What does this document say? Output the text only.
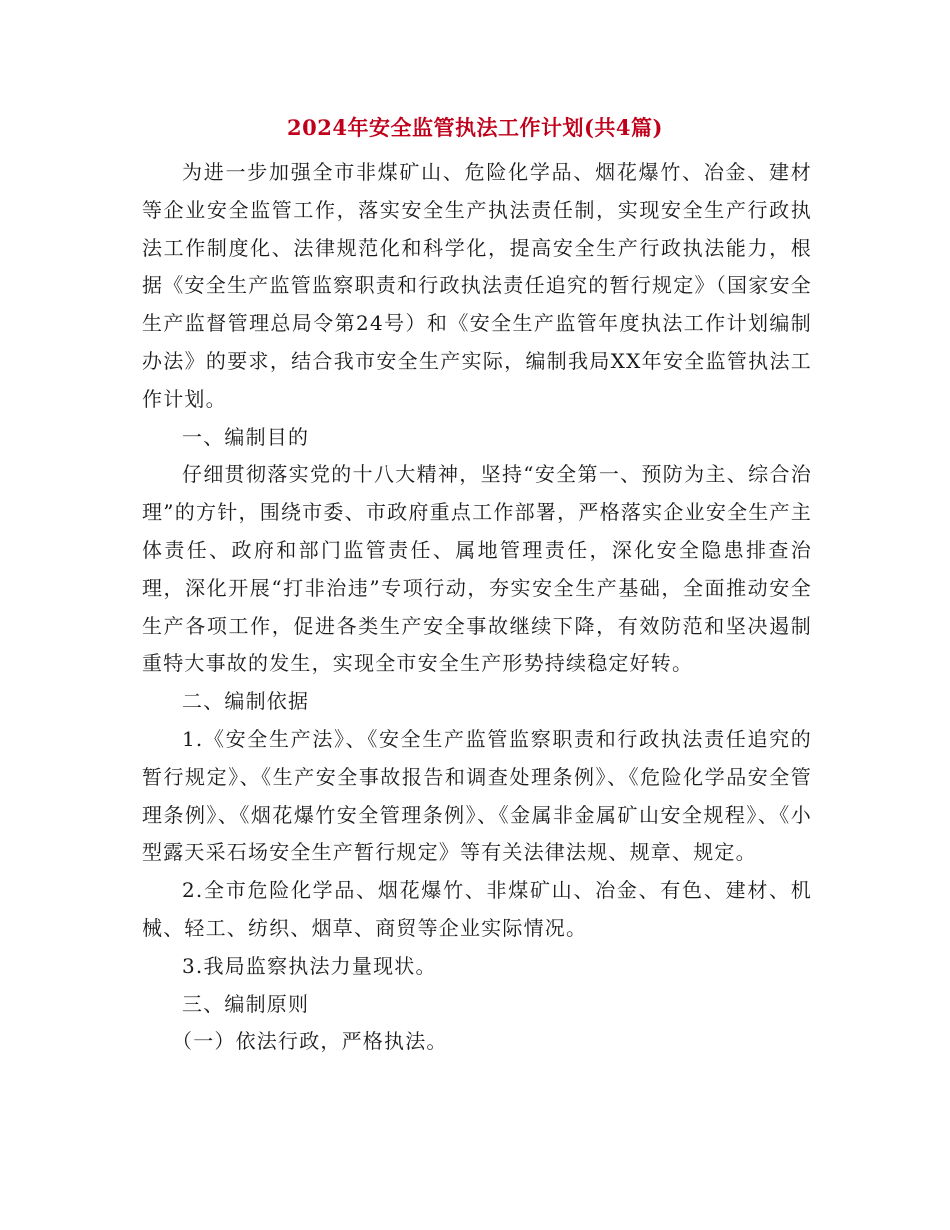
2024年安全监管执法工作计划(共4篇)

为进一步加强全市非煤矿山、危险化学品、烟花爆竹、冶金、建材等企业安全监管工作，落实安全生产执法责任制，实现安全生产行政执法工作制度化、法律规范化和科学化，提高安全生产行政执法能力，根据《安全生产监管监察职责和行政执法责任追究的暂行规定》（国家安全生产监督管理总局令第24号）和《安全生产监管年度执法工作计划编制办法》的要求，结合我市安全生产实际，编制我局XX年安全监管执法工作计划。

一、编制目的

仔细贯彻落实党的十八大精神，坚持“安全第一、预防为主、综合治理”的方针，围绕市委、市政府重点工作部署，严格落实企业安全生产主体责任、政府和部门监管责任、属地管理责任，深化安全隐患排查治理，深化开展“打非治违”专项行动，夯实安全生产基础，全面推动安全生产各项工作，促进各类生产安全事故继续下降，有效防范和坚决遏制重特大事故的发生，实现全市安全生产形势持续稳定好转。

二、编制依据

1.《安全生产法》、《安全生产监管监察职责和行政执法责任追究的暂行规定》、《生产安全事故报告和调查处理条例》、《危险化学品安全管理条例》、《烟花爆竹安全管理条例》、《金属非金属矿山安全规程》、《小型露天采石场安全生产暂行规定》等有关法律法规、规章、规定。

2.全市危险化学品、烟花爆竹、非煤矿山、冶金、有色、建材、机械、轻工、纺织、烟草、商贸等企业实际情况。

3.我局监察执法力量现状。

三、编制原则

（一）依法行政，严格执法。
